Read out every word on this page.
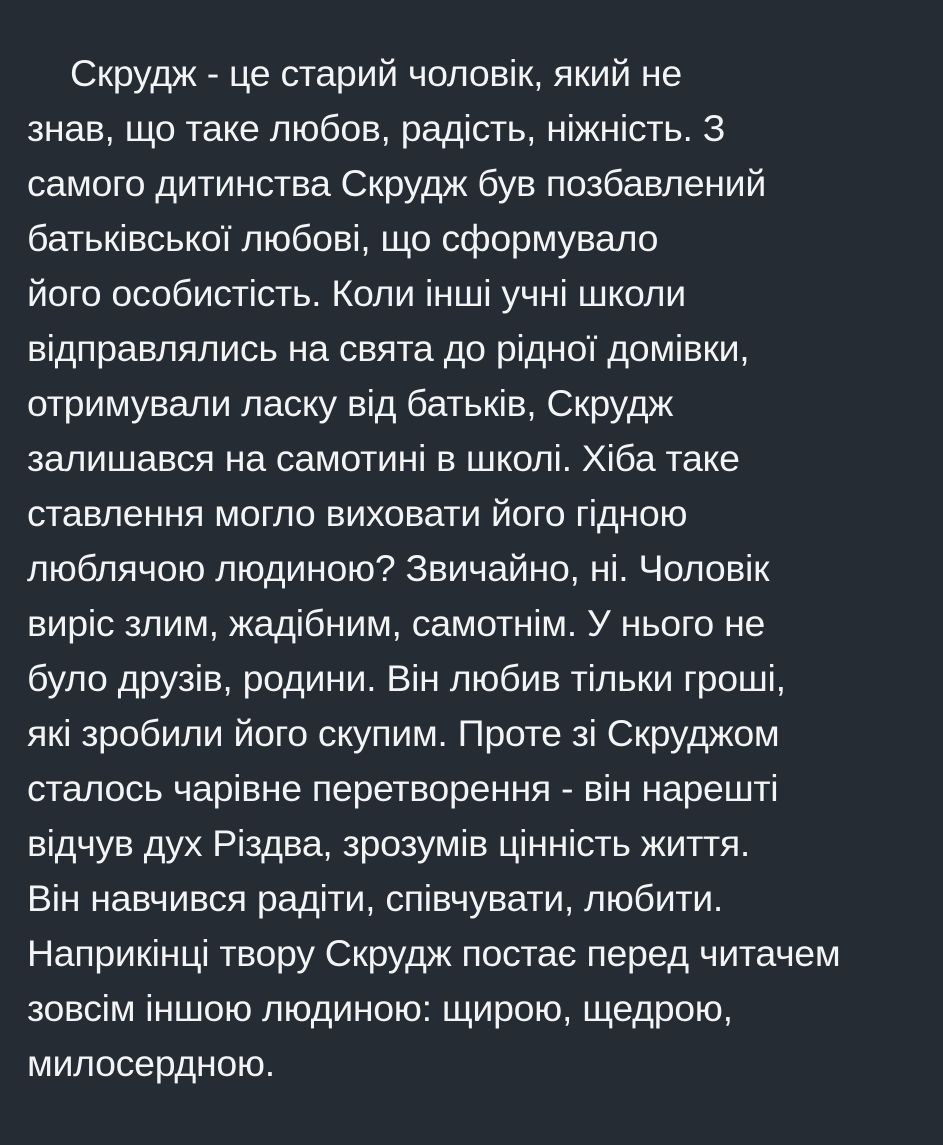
Скрудж - це старий чоловік, який не
знав, що таке любов, радість, ніжність. З
самого дитинства Скрудж був позбавлений
батьківської любові, що сформувало
його особистість. Коли інші учні школи
відправлялись на свята до рідної домівки,
отримували ласку від батьків, Скрудж
залишався на самотині в школі. Хіба таке
ставлення могло виховати його гідною
люблячою людиною? Звичайно, ні. Чоловік
виріс злим, жадібним, самотнім. У нього не
було друзів, родини. Він любив тільки гроші,
які зробили його скупим. Проте зі Скруджом
сталось чарівне перетворення - він нарешті
відчув дух Різдва, зрозумів цінність життя.
Він навчився радіти, співчувати, любити.
Наприкінці твору Скрудж постає перед читачем
зовсім іншою людиною: щирою, щедрою,
милосердною.
